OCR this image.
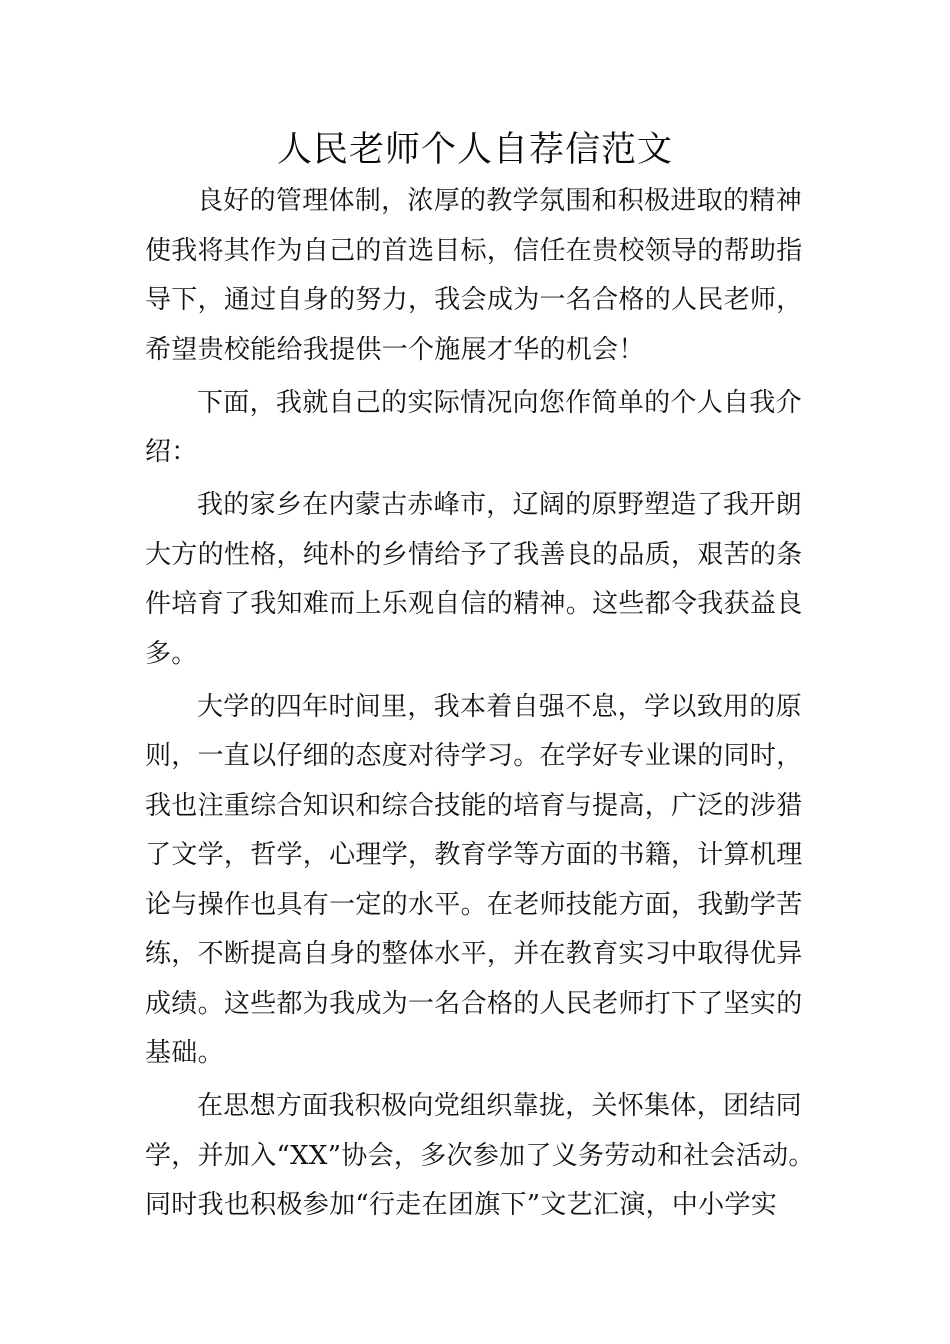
人民老师个人自荐信范文

良好的管理体制，浓厚的教学氛围和积极进取的精神
使我将其作为自己的首选目标，信任在贵校领导的帮助指
导下，通过自身的努力，我会成为一名合格的人民老师，
希望贵校能给我提供一个施展才华的机会！

下面，我就自己的实际情况向您作简单的个人自我介
绍：

我的家乡在内蒙古赤峰市，辽阔的原野塑造了我开朗
大方的性格，纯朴的乡情给予了我善良的品质，艰苦的条
件培育了我知难而上乐观自信的精神。这些都令我获益良
多。

大学的四年时间里，我本着自强不息，学以致用的原
则，一直以仔细的态度对待学习。在学好专业课的同时，
我也注重综合知识和综合技能的培育与提高，广泛的涉猎
了文学，哲学，心理学，教育学等方面的书籍，计算机理
论与操作也具有一定的水平。在老师技能方面，我勤学苦
练，不断提高自身的整体水平，并在教育实习中取得优异
成绩。这些都为我成为一名合格的人民老师打下了坚实的
基础。

在思想方面我积极向党组织靠拢，关怀集体，团结同
学，并加入“XX”协会，多次参加了义务劳动和社会活动。
同时我也积极参加“行走在团旗下”文艺汇演，中小学实
